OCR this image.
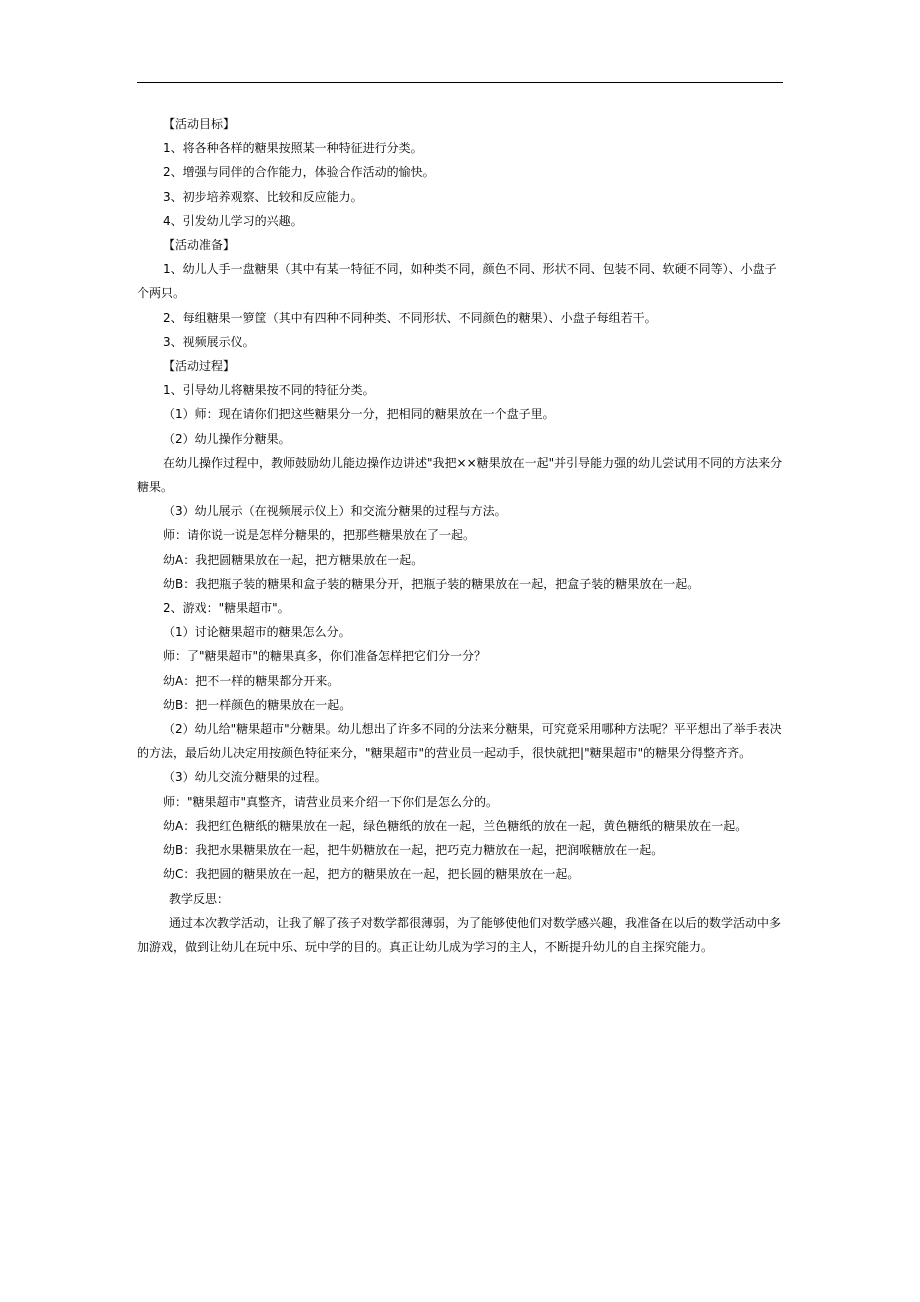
【活动目标】

1、将各种各样的糖果按照某一种特征进行分类。

2、增强与同伴的合作能力，体验合作活动的愉快。

3、初步培养观察、比较和反应能力。

4、引发幼儿学习的兴趣。

【活动准备】

1、幼儿人手一盘糖果（其中有某一特征不同，如种类不同，颜色不同、形状不同、包装不同、软硬不同等）、小盘子个两只。

2、每组糖果一箩筐（其中有四种不同种类、不同形状、不同颜色的糖果）、小盘子每组若干。

3、视频展示仪。

【活动过程】

1、引导幼儿将糖果按不同的特征分类。

（1）师：现在请你们把这些糖果分一分，把相同的糖果放在一个盘子里。

（2）幼儿操作分糖果。

在幼儿操作过程中，教师鼓励幼儿能边操作边讲述"我把××糖果放在一起"并引导能力强的幼儿尝试用不同的方法来分糖果。

（3）幼儿展示（在视频展示仪上）和交流分糖果的过程与方法。

师：请你说一说是怎样分糖果的，把那些糖果放在了一起。

幼A：我把圆糖果放在一起，把方糖果放在一起。

幼B：我把瓶子装的糖果和盒子装的糖果分开，把瓶子装的糖果放在一起，把盒子装的糖果放在一起。

2、游戏："糖果超市"。

（1）讨论糖果超市的糖果怎么分。

师：了"糖果超市"的糖果真多，你们准备怎样把它们分一分？

幼A：把不一样的糖果都分开来。

幼B：把一样颜色的糖果放在一起。

（2）幼儿给"糖果超市"分糖果。幼儿想出了许多不同的分法来分糖果，可究竟采用哪种方法呢？平平想出了举手表决的方法，最后幼儿决定用按颜色特征来分，"糖果超市"的营业员一起动手，很快就把|"糖果超市"的糖果分得整齐齐。

（3）幼儿交流分糖果的过程。

师："糖果超市"真整齐，请营业员来介绍一下你们是怎么分的。

幼A：我把红色糖纸的糖果放在一起，绿色糖纸的放在一起，兰色糖纸的放在一起，黄色糖纸的糖果放在一起。

幼B：我把水果糖果放在一起，把牛奶糖放在一起，把巧克力糖放在一起，把润喉糖放在一起。

幼C：我把圆的糖果放在一起，把方的糖果放在一起，把长圆的糖果放在一起。

教学反思：

通过本次教学活动，让我了解了孩子对数学都很薄弱，为了能够使他们对数学感兴趣，我准备在以后的数学活动中多加游戏，做到让幼儿在玩中乐、玩中学的目的。真正让幼儿成为学习的主人，不断提升幼儿的自主探究能力。
